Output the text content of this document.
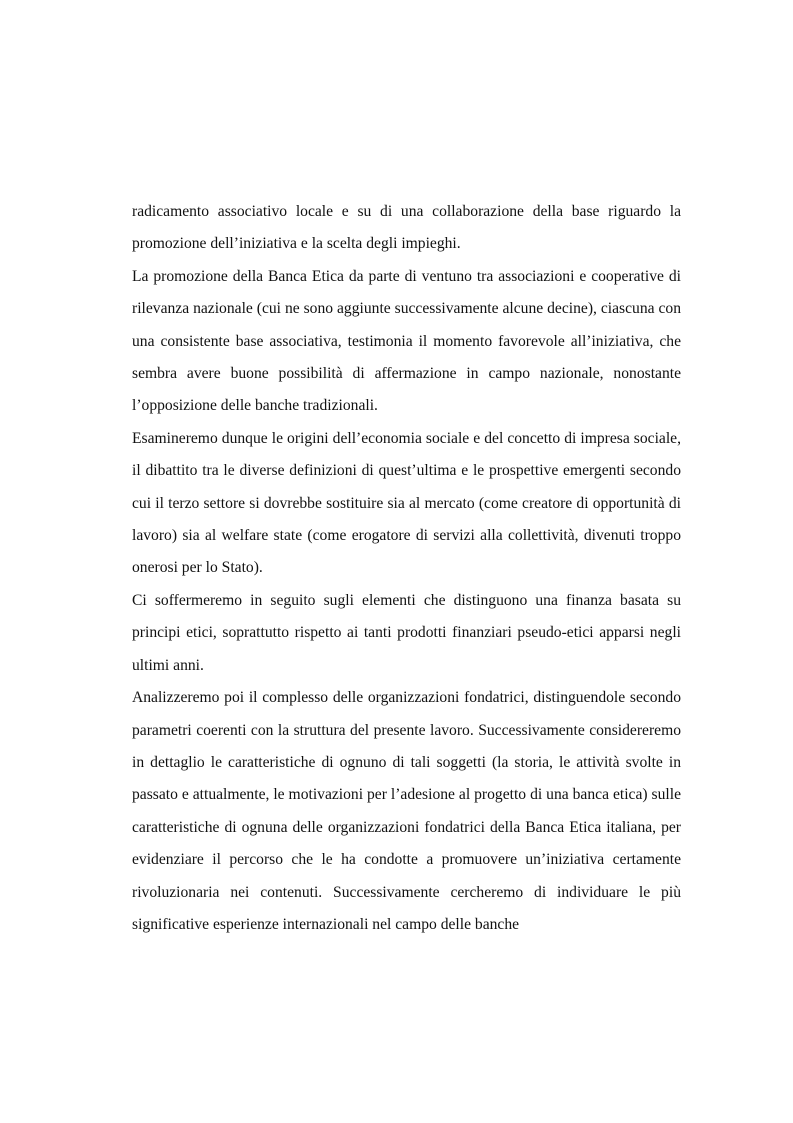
radicamento associativo locale e su di una collaborazione della base riguardo la promozione dell’iniziativa e la scelta degli impieghi.

La promozione della Banca Etica da parte di ventuno tra associazioni e cooperative di rilevanza nazionale (cui ne sono aggiunte successivamente alcune decine), ciascuna con una consistente base associativa, testimonia il momento favorevole all’iniziativa, che sembra avere buone possibilità di affermazione in campo nazionale, nonostante l’opposizione delle banche tradizionali.

Esamineremo dunque le origini dell’economia sociale e del concetto di impresa sociale, il dibattito tra le diverse definizioni di quest’ultima e le prospettive emergenti secondo cui il terzo settore si dovrebbe sostituire sia al mercato (come creatore di opportunità di lavoro) sia al welfare state (come erogatore di servizi alla collettività, divenuti troppo onerosi per lo Stato).

Ci soffermeremo in seguito sugli elementi che distinguono una finanza basata su principi etici, soprattutto rispetto ai tanti prodotti finanziari pseudo-etici apparsi negli ultimi anni.

Analizzeremo poi il complesso delle organizzazioni fondatrici, distinguendole secondo parametri coerenti con la struttura del presente lavoro. Successivamente considereremo in dettaglio le caratteristiche di ognuno di tali soggetti (la storia, le attività svolte in passato e attualmente, le motivazioni per l’adesione al progetto di una banca etica) sulle caratteristiche di ognuna delle organizzazioni fondatrici della Banca Etica italiana, per evidenziare il percorso che le ha condotte a promuovere un’iniziativa certamente rivoluzionaria nei contenuti. Successivamente cercheremo di individuare le più significative esperienze internazionali nel campo delle banche
